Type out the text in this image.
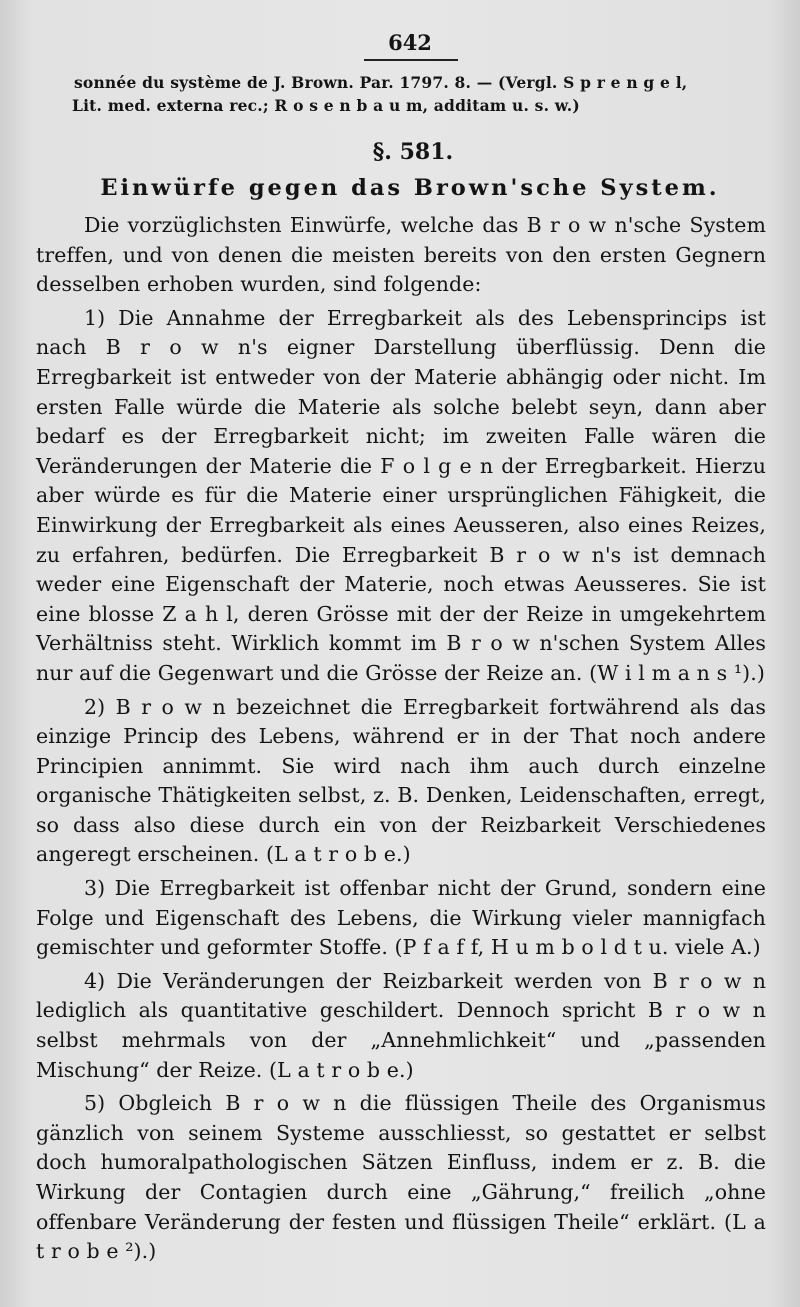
642
sonnée du système de J. Brown. Par. 1797. 8. — (Vergl. S p r e n g e l,
Lit. med. externa rec.; R o s e n b a u m, additam u. s. w.)
§. 581.
Einwürfe gegen das Brown'sche System.
Die vorzüglichsten Einwürfe, welche das B r o w n'sche System treffen, und von denen die meisten bereits von den ersten Gegnern desselben erhoben wurden, sind folgende:
1) Die Annahme der Erregbarkeit als des Lebensprincips ist nach B r o w n's eigner Darstellung überflüssig. Denn die Erregbarkeit ist entweder von der Materie abhängig oder nicht. Im ersten Falle würde die Materie als solche belebt seyn, dann aber bedarf es der Erregbarkeit nicht; im zweiten Falle wären die Veränderungen der Materie die F o l g e n der Erregbarkeit. Hierzu aber würde es für die Materie einer ursprünglichen Fähigkeit, die Einwirkung der Erregbarkeit als eines Aeusseren, also eines Reizes, zu erfahren, bedürfen. Die Erregbarkeit B r o w n's ist demnach weder eine Eigenschaft der Materie, noch etwas Aeusseres. Sie ist eine blosse Z a h l, deren Grösse mit der der Reize in umgekehrtem Verhältniss steht. Wirklich kommt im B r o w n'schen System Alles nur auf die Gegenwart und die Grösse der Reize an. (W i l m a n s ¹).)
2) B r o w n bezeichnet die Erregbarkeit fortwährend als das einzige Princip des Lebens, während er in der That noch andere Principien annimmt. Sie wird nach ihm auch durch einzelne organische Thätigkeiten selbst, z. B. Denken, Leidenschaften, erregt, so dass also diese durch ein von der Reizbarkeit Verschiedenes angeregt erscheinen. (L a t r o b e.)
3) Die Erregbarkeit ist offenbar nicht der Grund, sondern eine Folge und Eigenschaft des Lebens, die Wirkung vieler mannigfach gemischter und geformter Stoffe. (P f a f f, H u m b o l d t u. viele A.)
4) Die Veränderungen der Reizbarkeit werden von B r o w n lediglich als quantitative geschildert. Dennoch spricht B r o w n selbst mehrmals von der „Annehmlichkeit“ und „passenden Mischung“ der Reize. (L a t r o b e.)
5) Obgleich B r o w n die flüssigen Theile des Organismus gänzlich von seinem Systeme ausschliesst, so gestattet er selbst doch humoralpathologischen Sätzen Einfluss, indem er z. B. die Wirkung der Contagien durch eine „Gährung,“ freilich „ohne offenbare Veränderung der festen und flüssigen Theile“ erklärt. (L a t r o b e ²).)
